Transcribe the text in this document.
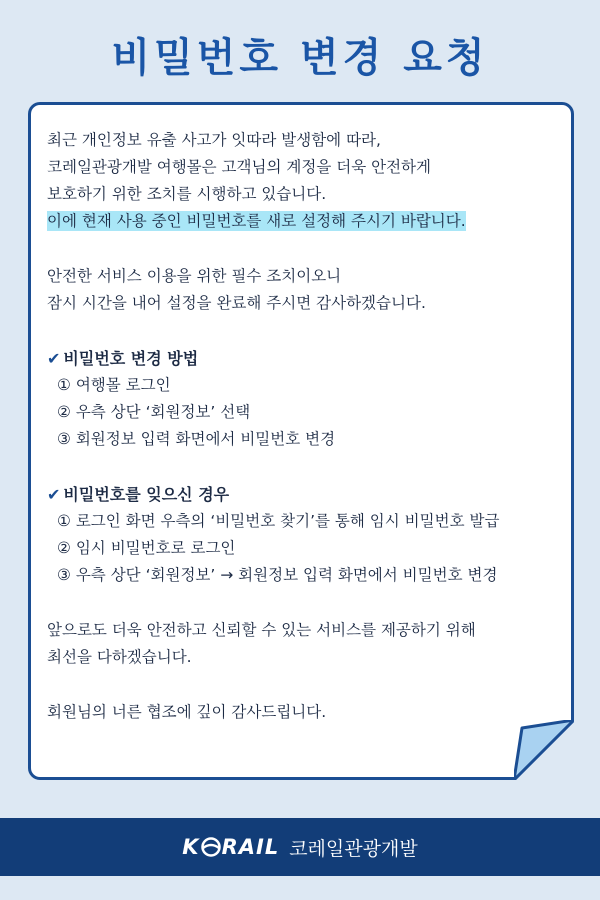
비밀번호 변경 요청
최근 개인정보 유출 사고가 잇따라 발생함에 따라,
코레일관광개발 여행몰은 고객님의 계정을 더욱 안전하게
보호하기 위한 조치를 시행하고 있습니다.
이에 현재 사용 중인 비밀번호를 새로 설정해 주시기 바랍니다.
안전한 서비스 이용을 위한 필수 조치이오니
잠시 시간을 내어 설정을 완료해 주시면 감사하겠습니다.
✔ 비밀번호 변경 방법
① 여행몰 로그인
② 우측 상단 ‘회원정보’ 선택
③ 회원정보 입력 화면에서 비밀번호 변경
✔ 비밀번호를 잊으신 경우
① 로그인 화면 우측의 ‘비밀번호 찾기’를 통해 임시 비밀번호 발급
② 임시 비밀번호로 로그인
③ 우측 상단 ‘회원정보’ → 회원정보 입력 화면에서 비밀번호 변경
앞으로도 더욱 안전하고 신뢰할 수 있는 서비스를 제공하기 위해
최선을 다하겠습니다.
회원님의 너른 협조에 깊이 감사드립니다.
K RAIL 코레일관광개발
